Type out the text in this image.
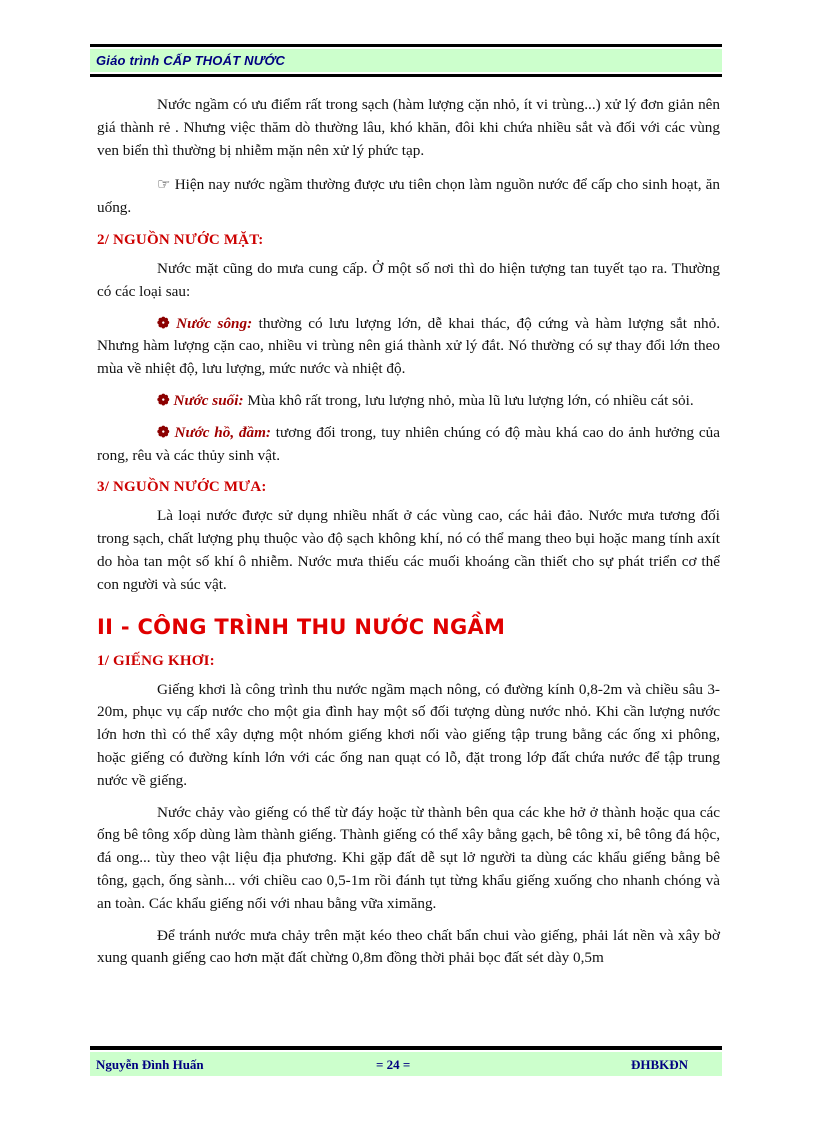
Giáo trình CẤP THOÁT NƯỚC

Nước ngầm có ưu điểm rất trong sạch (hàm lượng cặn nhỏ, ít vi trùng...) xử lý đơn giản nên giá thành rẻ . Nhưng việc thăm dò thường lâu, khó khăn, đôi khi chứa nhiều sắt và đối với các vùng ven biển thì thường bị nhiễm mặn nên xử lý phức tạp.

☞ Hiện nay nước ngầm thường được ưu tiên chọn làm nguồn nước để cấp cho sinh hoạt, ăn uống.

2/ NGUỒN NƯỚC MẶT:

Nước mặt cũng do mưa cung cấp. Ở một số nơi thì do hiện tượng tan tuyết tạo ra. Thường có các loại sau:

❁ Nước sông: thường có lưu lượng lớn, dễ khai thác, độ cứng và hàm lượng sắt nhỏ. Nhưng hàm lượng cặn cao, nhiều vi trùng nên giá thành xử lý đắt. Nó thường có sự thay đổi lớn theo mùa về nhiệt độ, lưu lượng, mức nước và nhiệt độ.

❁ Nước suối: Mùa khô rất trong, lưu lượng nhỏ, mùa lũ lưu lượng lớn, có nhiều cát sỏi.

❁ Nước hồ, đầm: tương đối trong, tuy nhiên chúng có độ màu khá cao do ảnh hưởng của rong, rêu và các thủy sinh vật.

3/ NGUỒN NƯỚC MƯA:

Là loại nước được sử dụng nhiều nhất ở các vùng cao, các hải đảo. Nước mưa tương đối trong sạch, chất lượng phụ thuộc vào độ sạch không khí, nó có thể mang theo bụi hoặc mang tính axít do hòa tan một số khí ô nhiễm. Nước mưa thiếu các muối khoáng cần thiết cho sự phát triển cơ thể con người và súc vật.

II - CÔNG TRÌNH THU NƯỚC NGẦM
1/ GIẾNG KHƠI:

Giếng khơi là công trình thu nước ngầm mạch nông, có đường kính 0,8-2m và chiều sâu 3-20m, phục vụ cấp nước cho một gia đình hay một số đối tượng dùng nước nhỏ. Khi cần lượng nước lớn hơn thì có thể xây dựng một nhóm giếng khơi nối vào giếng tập trung bằng các ống xi phông, hoặc giếng có đường kính lớn với các ống nan quạt có lỗ, đặt trong lớp đất chứa nước để tập trung nước về giếng.

Nước chảy vào giếng có thể từ đáy hoặc từ thành bên qua các khe hở ở thành hoặc qua các ống bê tông xốp dùng làm thành giếng. Thành giếng có thể xây bằng gạch, bê tông xỉ, bê tông đá hộc, đá ong... tùy theo vật liệu địa phương. Khi gặp đất dễ sụt lở người ta dùng các khẩu giếng bằng bê tông, gạch, ống sành... với chiều cao 0,5-1m rồi đánh tụt từng khẩu giếng xuống cho nhanh chóng và an toàn. Các khẩu giếng nối với nhau bằng vữa ximăng.

Để tránh nước mưa chảy trên mặt kéo theo chất bẩn chui vào giếng, phải lát nền và xây bờ xung quanh giếng cao hơn mặt đất chừng 0,8m đồng thời phải bọc đất sét dày 0,5m

Nguyễn Đình Huấn	= 24 =	ĐHBKĐN
